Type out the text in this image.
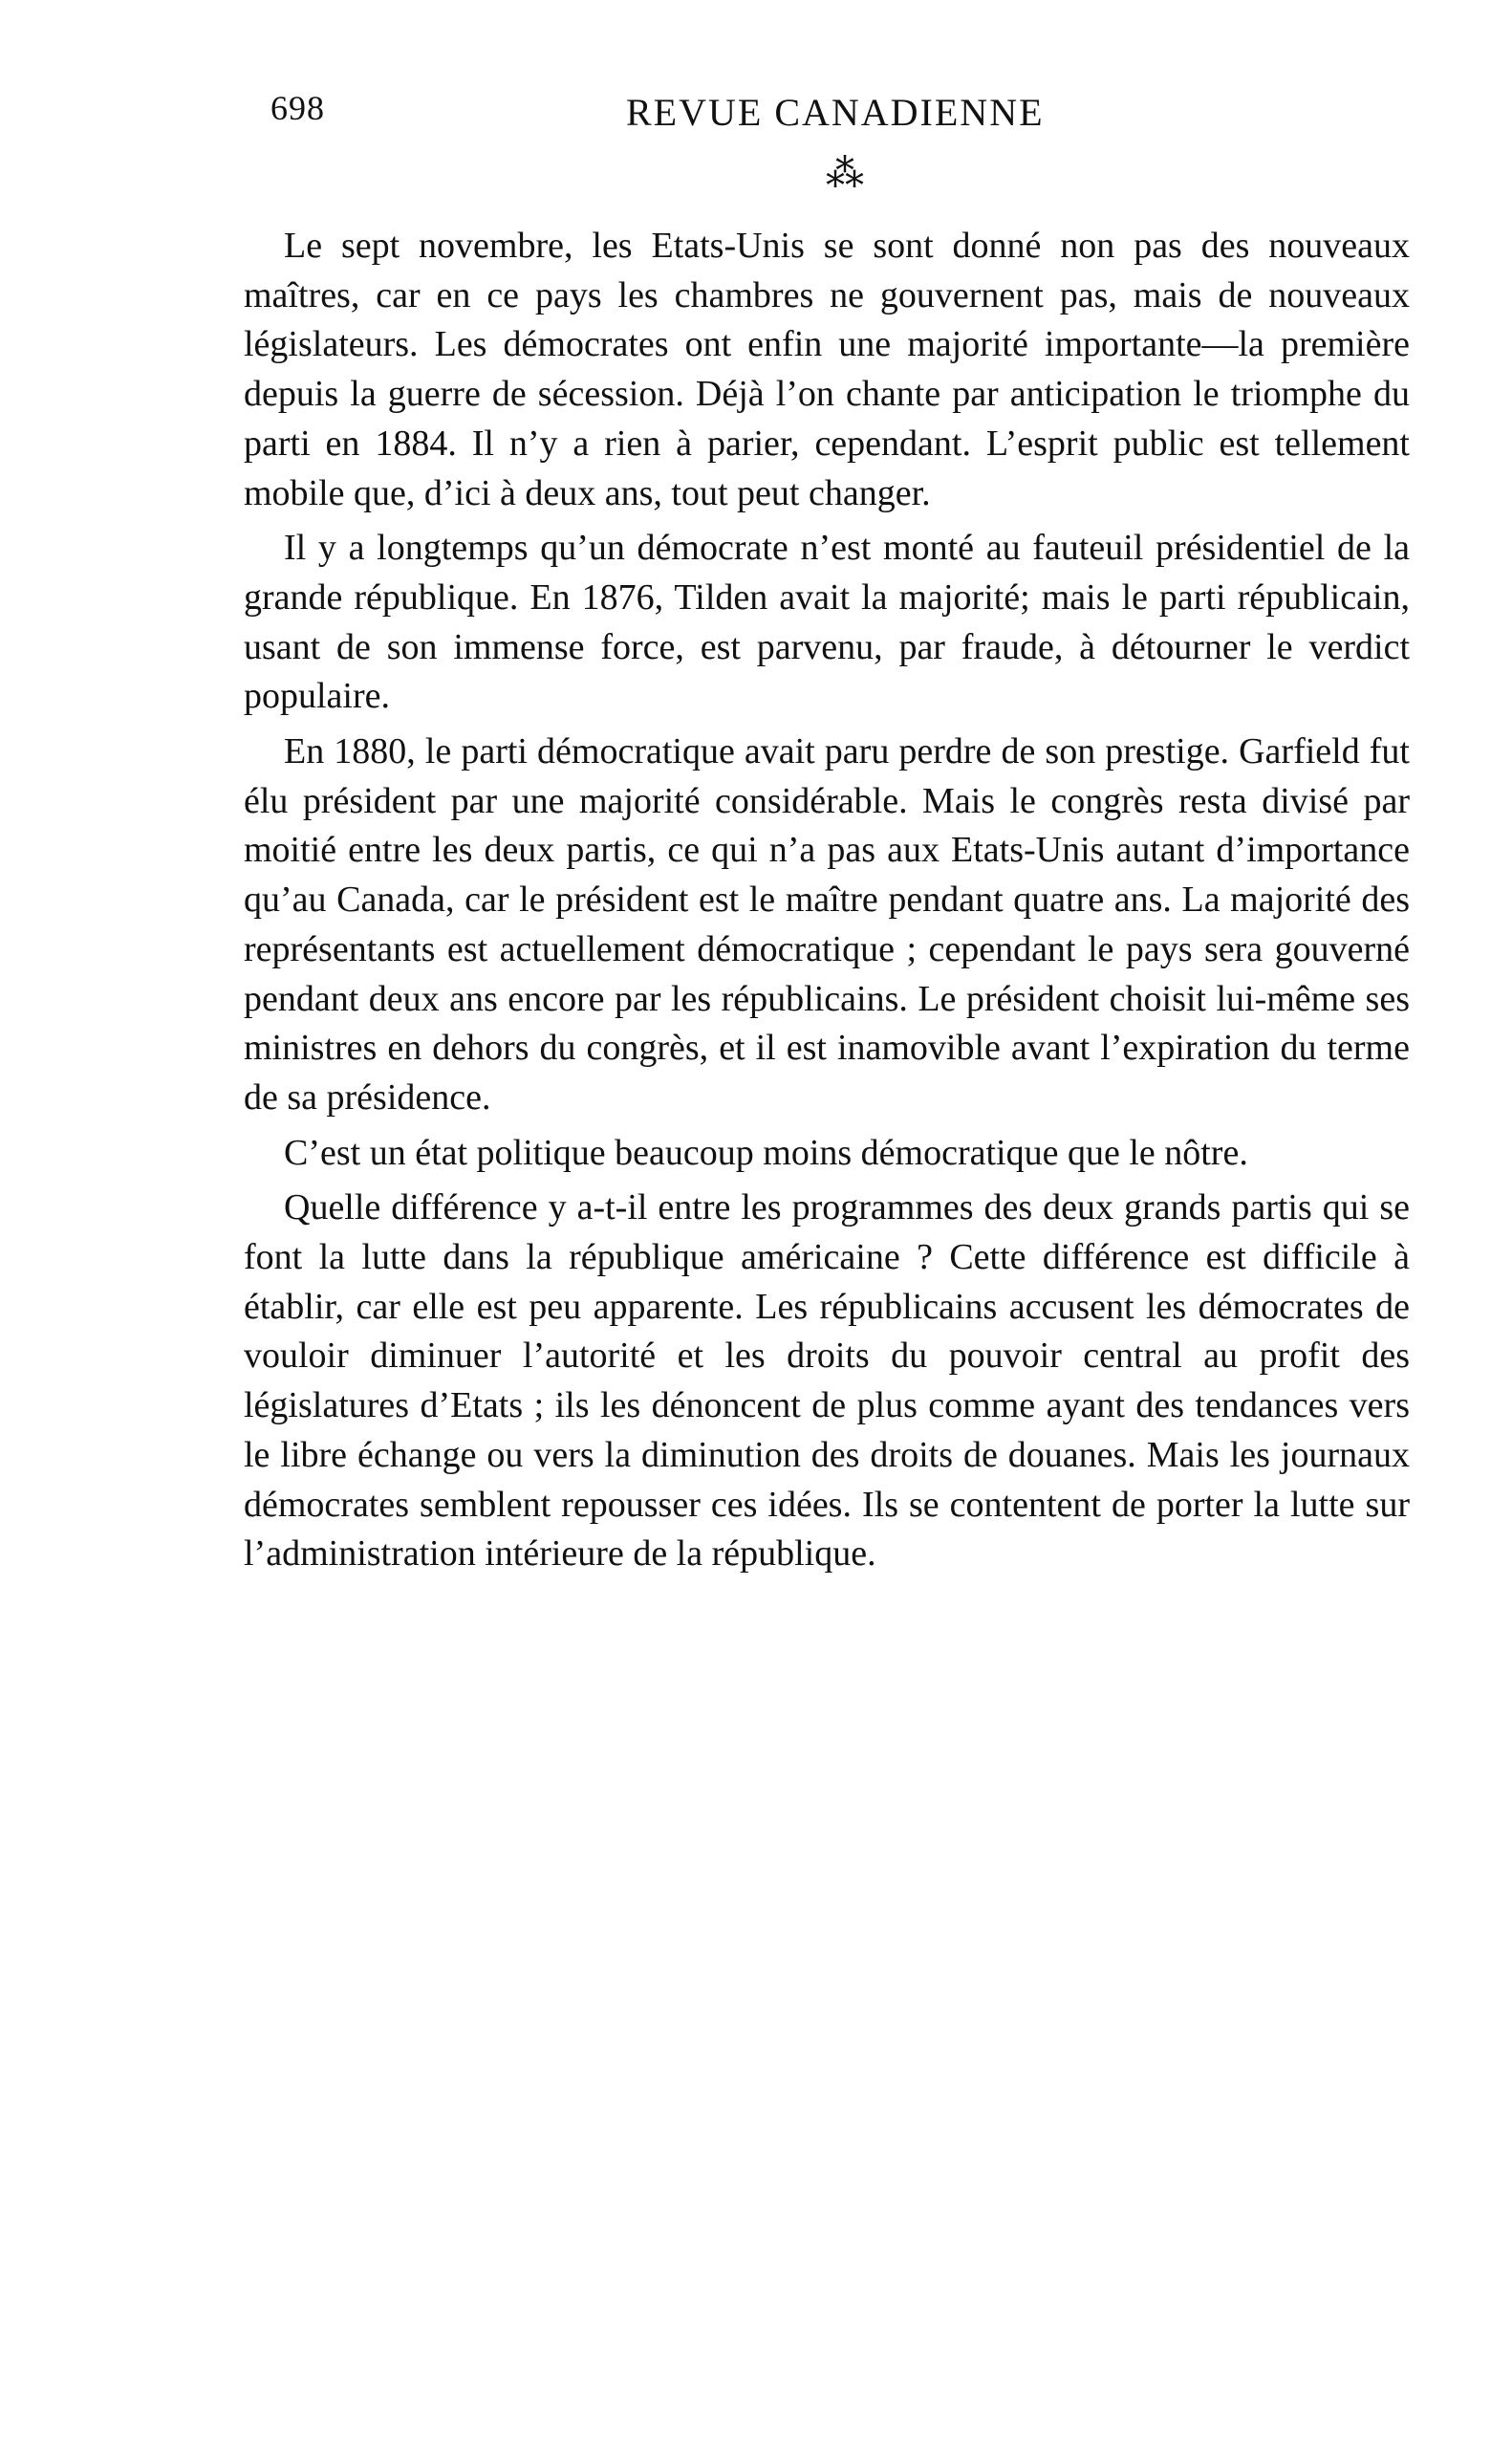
698	REVUE CANADIENNE
⁂

Le sept novembre, les Etats-Unis se sont donné non pas des nouveaux maîtres, car en ce pays les chambres ne gouvernent pas, mais de nouveaux législateurs. Les démocrates ont enfin une majorité importante—la première depuis la guerre de sécession. Déjà l’on chante par anticipation le triomphe du parti en 1884. Il n’y a rien à parier, cependant. L’esprit public est tellement mobile que, d’ici à deux ans, tout peut changer.

Il y a longtemps qu’un démocrate n’est monté au fauteuil présidentiel de la grande république. En 1876, Tilden avait la majorité; mais le parti républicain, usant de son immense force, est parvenu, par fraude, à détourner le verdict populaire.

En 1880, le parti démocratique avait paru perdre de son prestige. Garfield fut élu président par une majorité considérable. Mais le congrès resta divisé par moitié entre les deux partis, ce qui n’a pas aux Etats-Unis autant d’importance qu’au Canada, car le président est le maître pendant quatre ans. La majorité des représentants est actuellement démocratique ; cependant le pays sera gouverné pendant deux ans encore par les républicains. Le président choisit lui-même ses ministres en dehors du congrès, et il est inamovible avant l’expiration du terme de sa présidence.

C’est un état politique beaucoup moins démocratique que le nôtre.

Quelle différence y a-t-il entre les programmes des deux grands partis qui se font la lutte dans la république américaine ? Cette différence est difficile à établir, car elle est peu apparente. Les républicains accusent les démocrates de vouloir diminuer l’autorité et les droits du pouvoir central au profit des législatures d’Etats ; ils les dénoncent de plus comme ayant des tendances vers le libre échange ou vers la diminution des droits de douanes. Mais les journaux démocrates semblent repousser ces idées. Ils se contentent de porter la lutte sur l’administration intérieure de la république.
